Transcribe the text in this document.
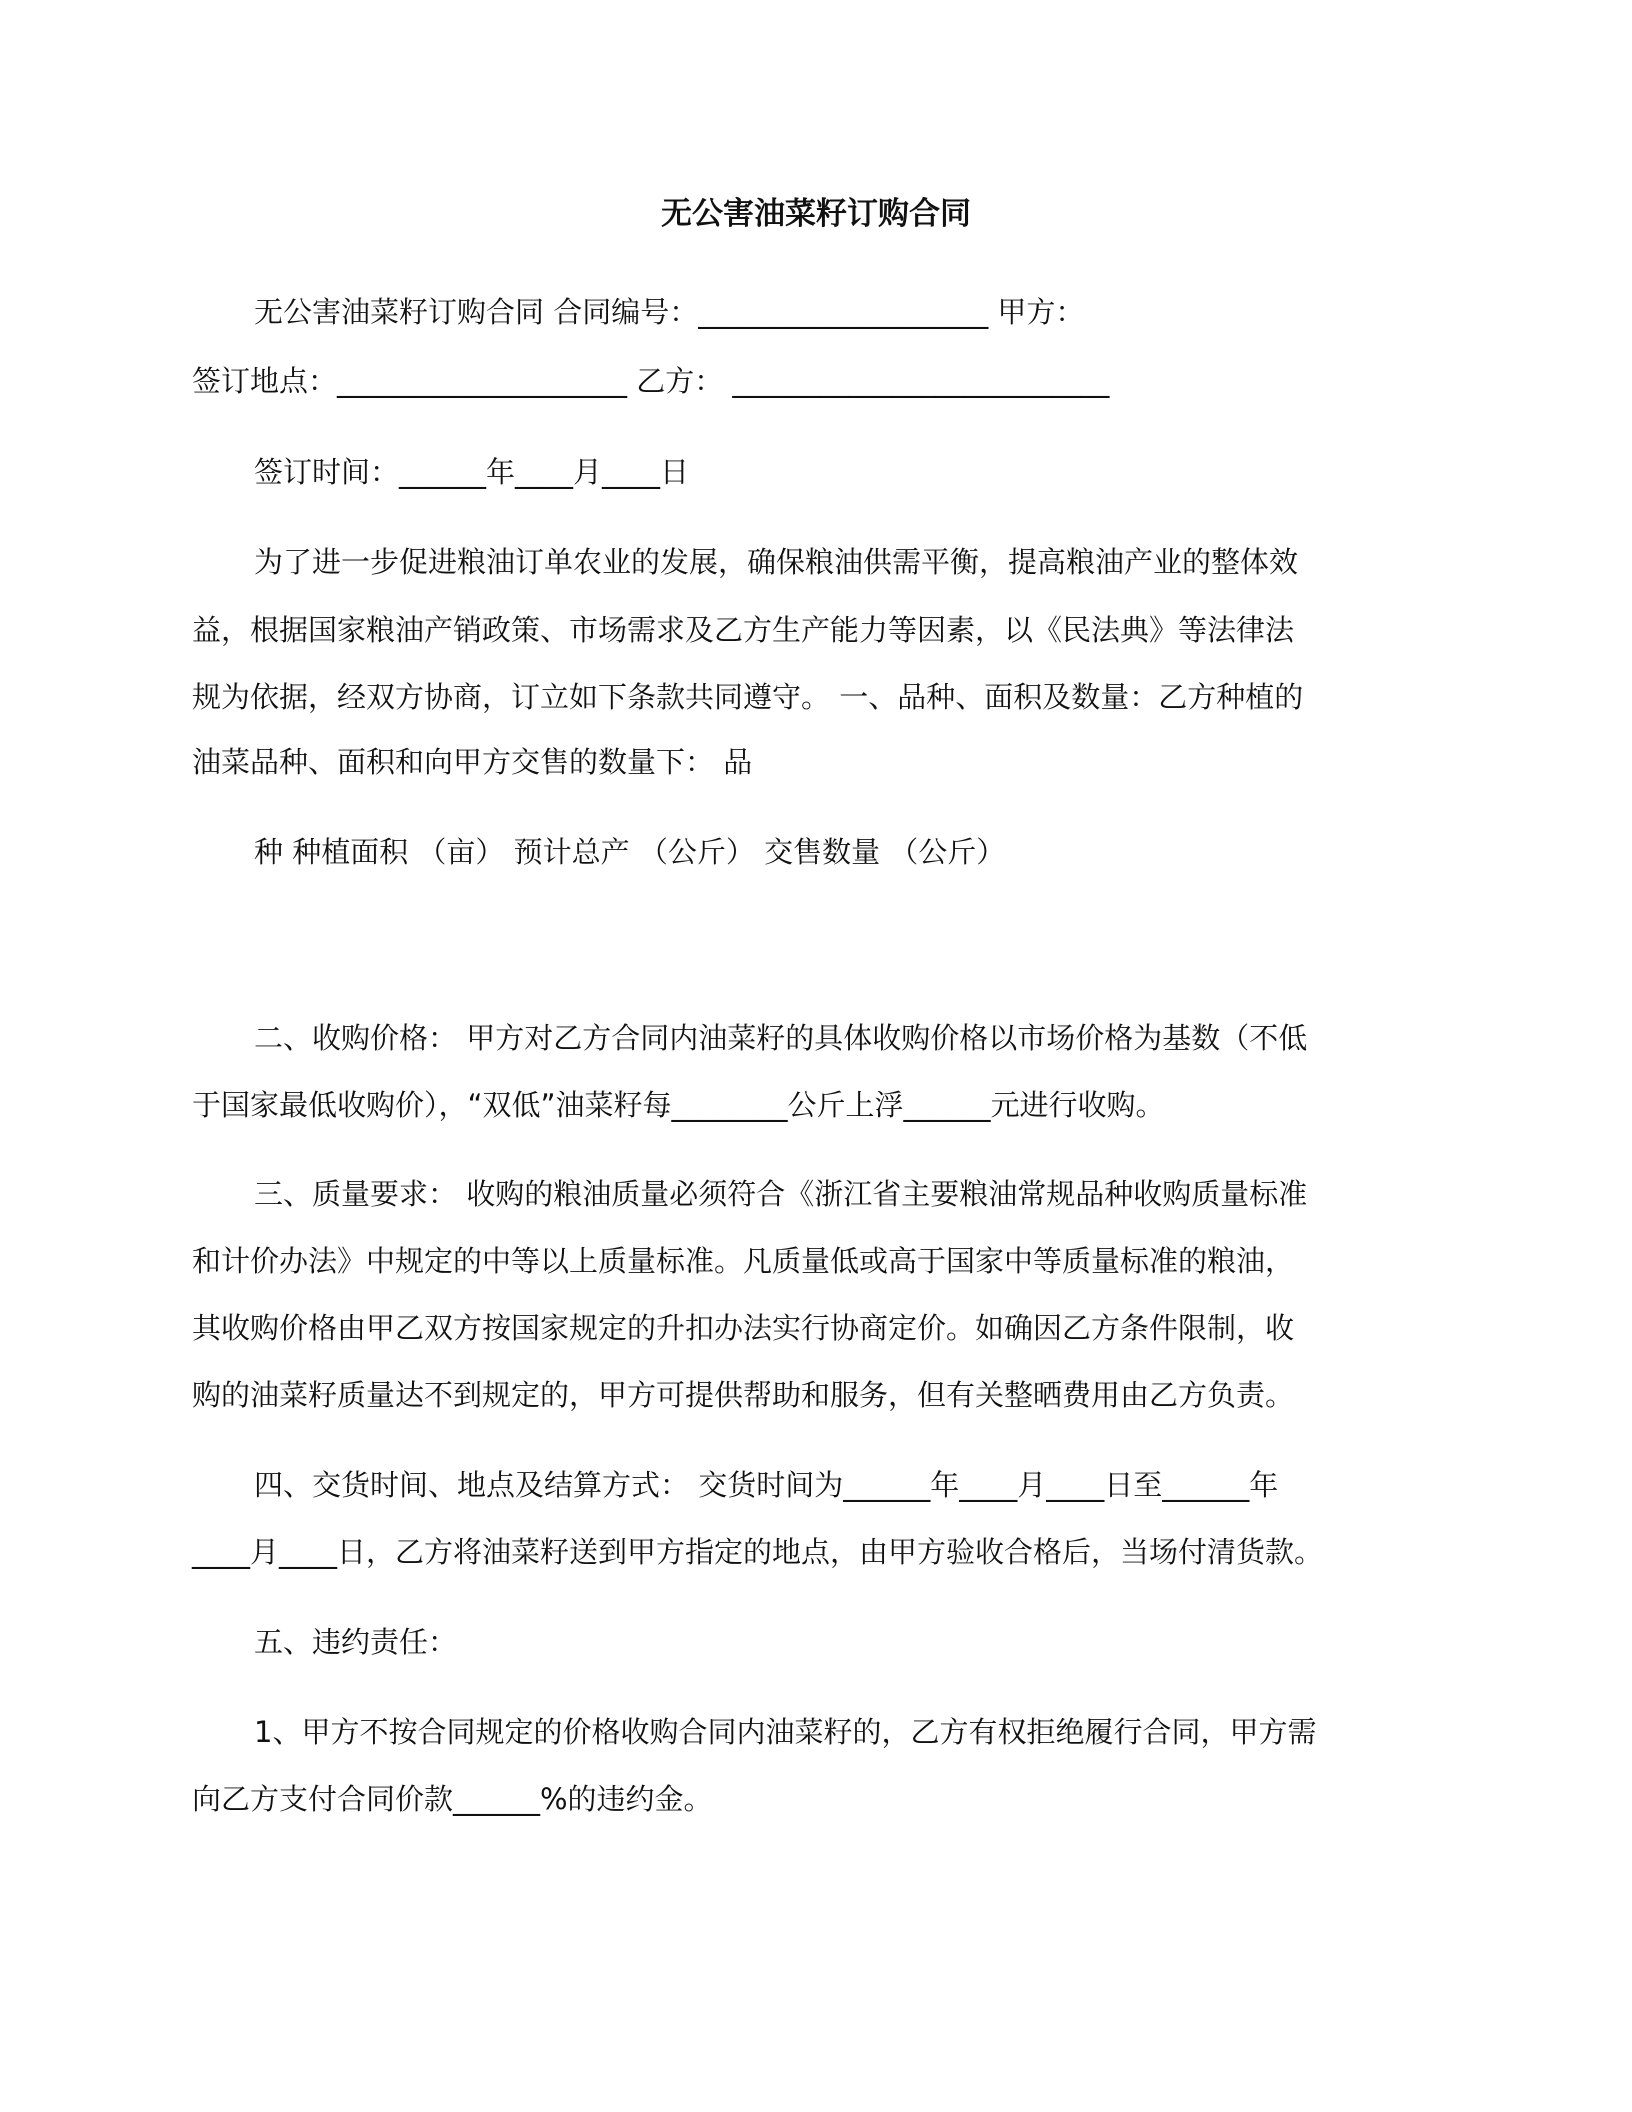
无公害油菜籽订购合同

无公害油菜籽订购合同 合同编号：____________________ 甲方：

签订地点：____________________ 乙方： __________________________

签订时间：______年____月____日

为了进一步促进粮油订单农业的发展，确保粮油供需平衡，提高粮油产业的整体效

益，根据国家粮油产销政策、市场需求及乙方生产能力等因素，以《民法典》等法律法

规为依据，经双方协商，订立如下条款共同遵守。 一、品种、面积及数量：乙方种植的

油菜品种、面积和向甲方交售的数量下： 品

种 种植面积 （亩） 预计总产 （公斤） 交售数量 （公斤）

二、收购价格： 甲方对乙方合同内油菜籽的具体收购价格以市场价格为基数（不低

于国家最低收购价），“双低”油菜籽每________公斤上浮______元进行收购。

三、质量要求： 收购的粮油质量必须符合《浙江省主要粮油常规品种收购质量标准

和计价办法》中规定的中等以上质量标准。凡质量低或高于国家中等质量标准的粮油，

其收购价格由甲乙双方按国家规定的升扣办法实行协商定价。如确因乙方条件限制，收

购的油菜籽质量达不到规定的，甲方可提供帮助和服务，但有关整晒费用由乙方负责。

四、交货时间、地点及结算方式： 交货时间为______年____月____日至______年

____月____日，乙方将油菜籽送到甲方指定的地点，由甲方验收合格后，当场付清货款。

五、违约责任：

1、甲方不按合同规定的价格收购合同内油菜籽的，乙方有权拒绝履行合同，甲方需

向乙方支付合同价款______%的违约金。
